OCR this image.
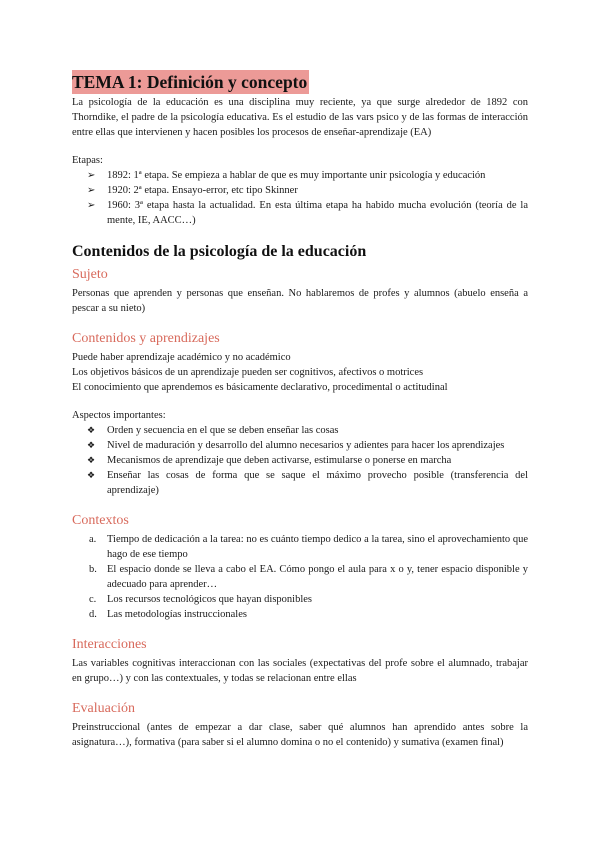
TEMA 1: Definición y concepto

La psicología de la educación es una disciplina muy reciente, ya que surge alrededor de 1892 con Thorndike, el padre de la psicología educativa. Es el estudio de las vars psico y de las formas de interacción entre ellas que intervienen y hacen posibles los procesos de enseñar-aprendizaje (EA)

Etapas:

➢ 1892: 1ª etapa. Se empieza a hablar de que es muy importante unir psicología y educación
➢ 1920: 2ª etapa. Ensayo-error, etc tipo Skinner
➢ 1960: 3ª etapa hasta la actualidad. En esta última etapa ha habido mucha evolución (teoría de la mente, IE, AACC…)
Contenidos de la psicología de la educación
Sujeto

Personas que aprenden y personas que enseñan. No hablaremos de profes y alumnos (abuelo enseña a pescar a su nieto)

Contenidos y aprendizajes

Puede haber aprendizaje académico y no académico

Los objetivos básicos de un aprendizaje pueden ser cognitivos, afectivos o motrices

El conocimiento que aprendemos es básicamente declarativo, procedimental o actitudinal

Aspectos importantes:

❖ Orden y secuencia en el que se deben enseñar las cosas
❖ Nivel de maduración y desarrollo del alumno necesarios y adientes para hacer los aprendizajes
❖ Mecanismos de aprendizaje que deben activarse, estimularse o ponerse en marcha
❖ Enseñar las cosas de forma que se saque el máximo provecho posible (transferencia del aprendizaje)
Contextos
a. Tiempo de dedicación a la tarea: no es cuánto tiempo dedico a la tarea, sino el aprovechamiento que hago de ese tiempo
b. El espacio donde se lleva a cabo el EA. Cómo pongo el aula para x o y, tener espacio disponible y adecuado para aprender…
c. Los recursos tecnológicos que hayan disponibles
d. Las metodologías instruccionales
Interacciones

Las variables cognitivas interaccionan con las sociales (expectativas del profe sobre el alumnado, trabajar en grupo…) y con las contextuales, y todas se relacionan entre ellas

Evaluación

Preinstruccional (antes de empezar a dar clase, saber qué alumnos han aprendido antes sobre la asignatura…), formativa (para saber si el alumno domina o no el contenido) y sumativa (examen final)
